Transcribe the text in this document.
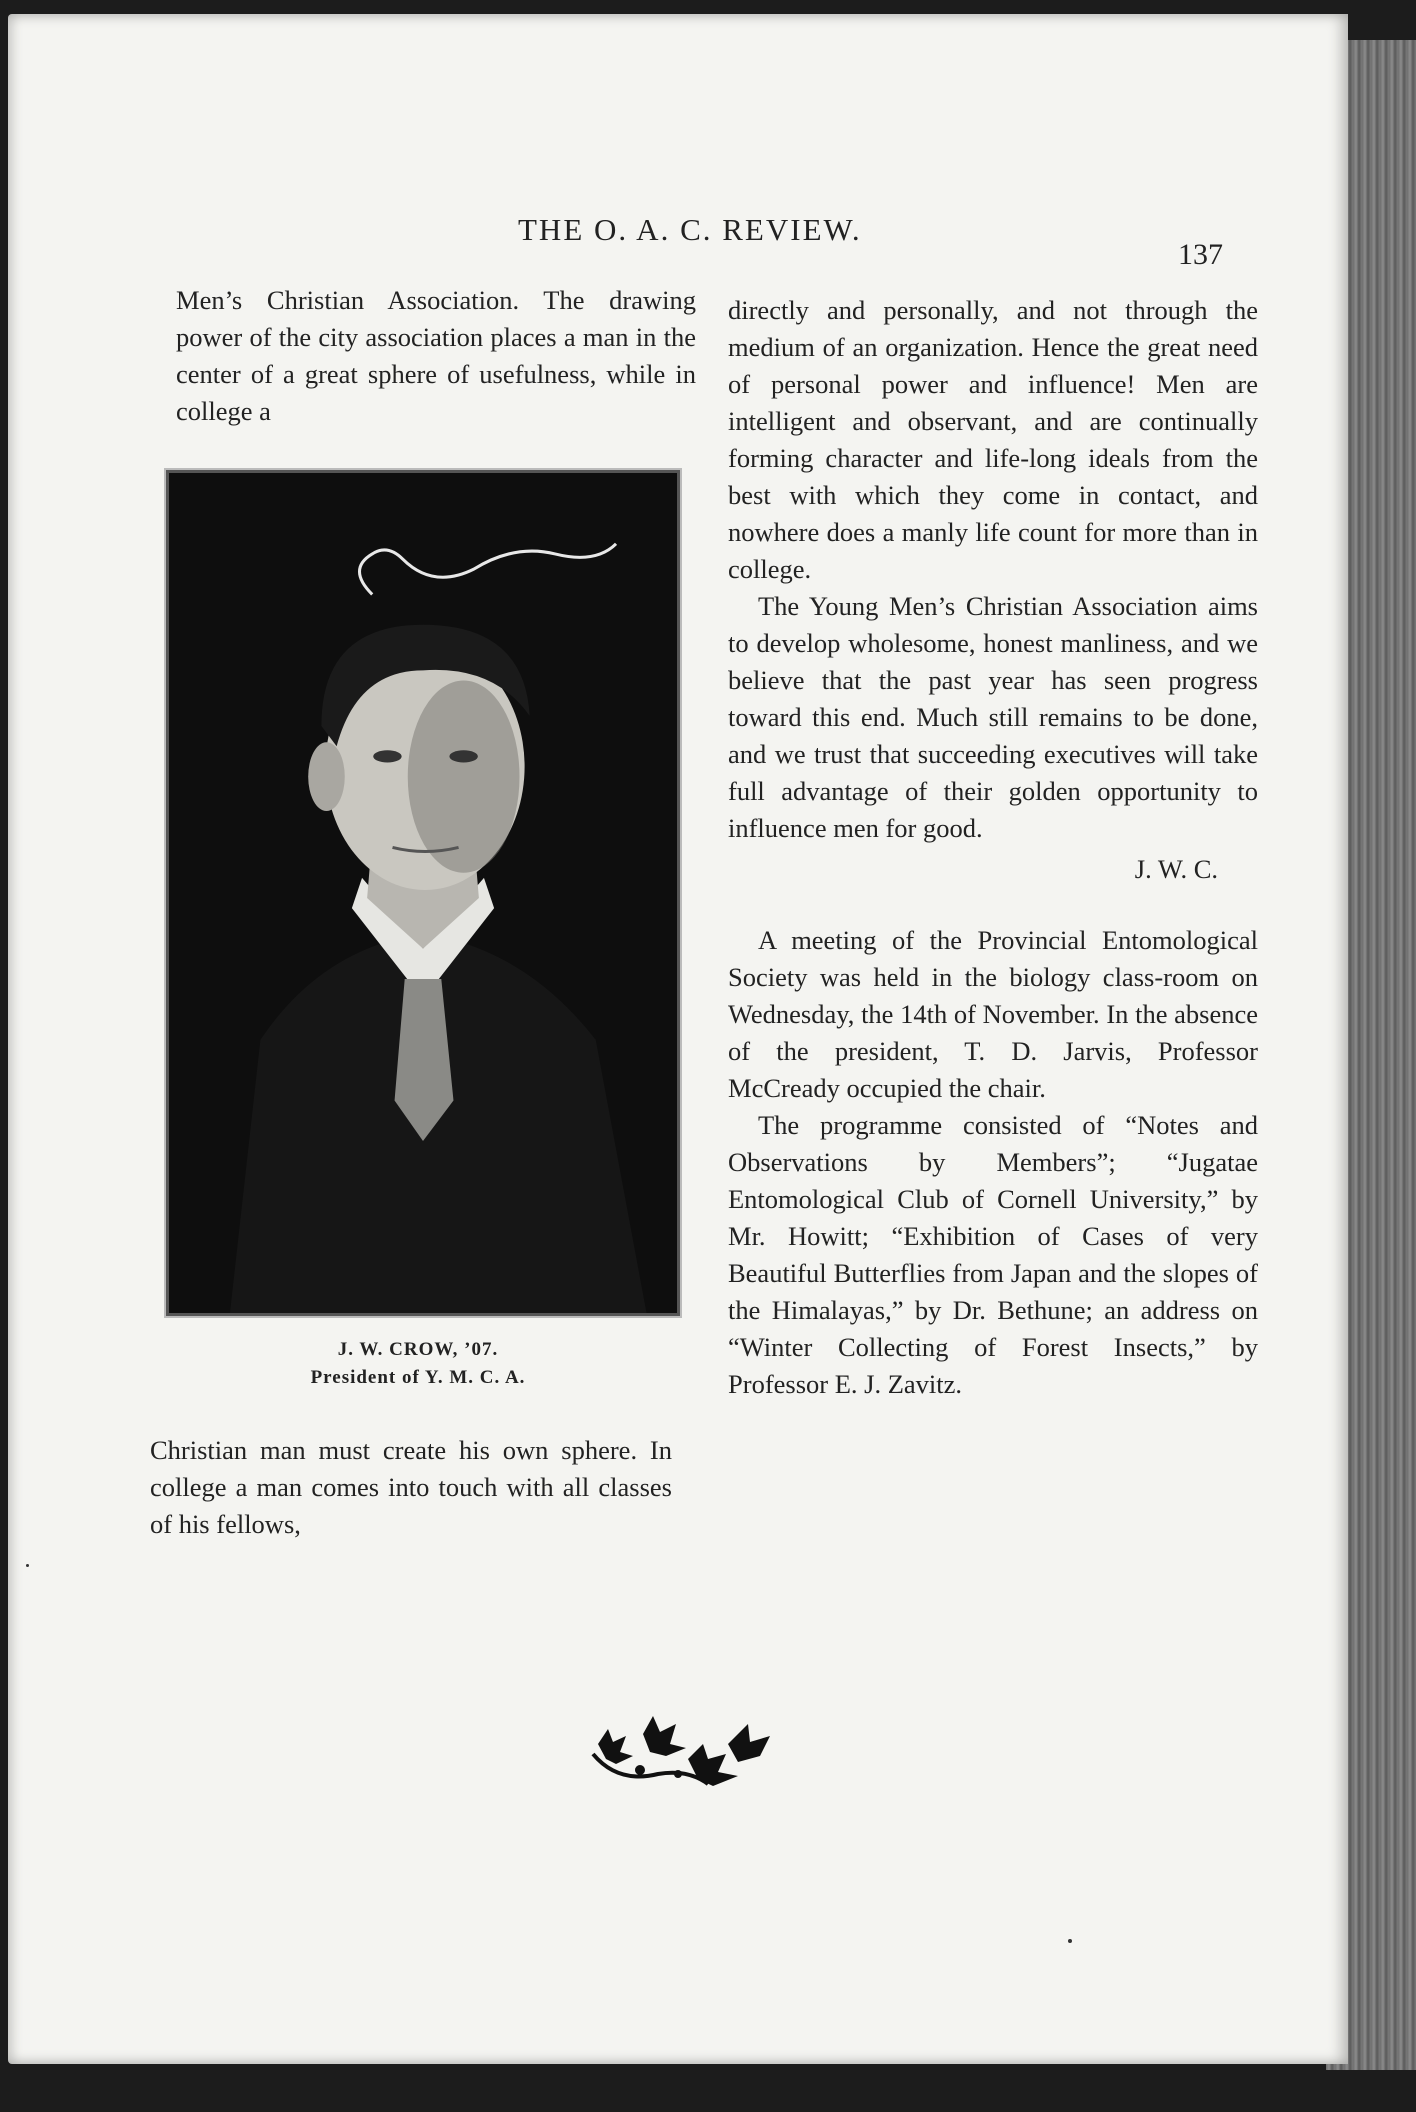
THE O. A. C. REVIEW.
137

Men’s Christian Association. The drawing power of the city association places a man in the center of a great sphere of usefulness, while in college a

J. W. CROW, ’07.
President of Y. M. C. A.

Christian man must create his own sphere. In college a man comes into touch with all classes of his fellows,

directly and personally, and not through the medium of an organization. Hence the great need of personal power and influence! Men are intelligent and observant, and are continually forming character and life-long ideals from the best with which they come in contact, and nowhere does a manly life count for more than in college.

The Young Men’s Christian Association aims to develop wholesome, honest manliness, and we believe that the past year has seen progress toward this end. Much still remains to be done, and we trust that succeeding executives will take full advantage of their golden opportunity to influence men for good.

J. W. C.

A meeting of the Provincial Entomological Society was held in the biology class-room on Wednesday, the 14th of November. In the absence of the president, T. D. Jarvis, Professor McCready occupied the chair.

The programme consisted of “Notes and Observations by Members”; “Jugatae Entomological Club of Cornell University,” by Mr. Howitt; “Exhibition of Cases of very Beautiful Butterflies from Japan and the slopes of the Himalayas,” by Dr. Bethune; an address on “Winter Collecting of Forest Insects,” by Professor E. J. Zavitz.
